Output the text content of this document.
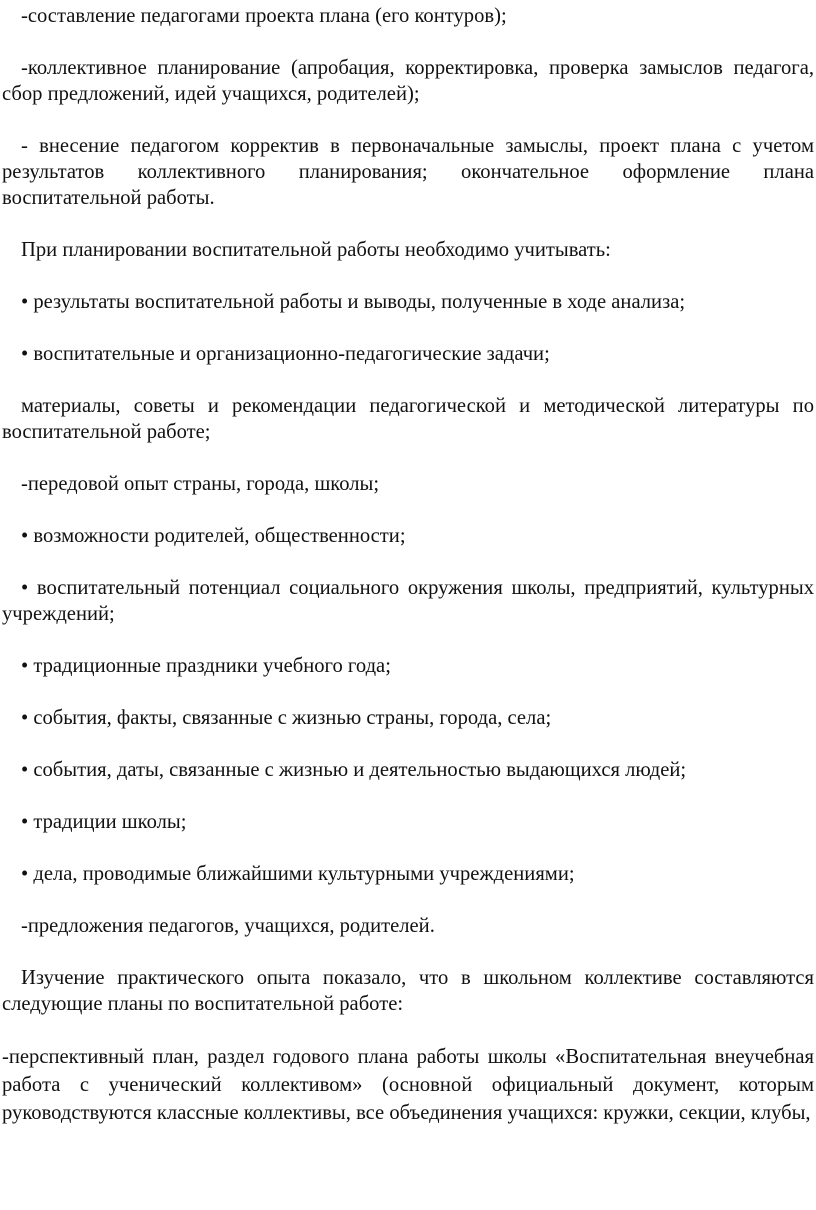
-составление педагогами проекта плана (его контуров);

-коллективное планирование (апробация, корректировка, проверка замыслов педагога, сбор предложений, идей учащихся, родителей);

- внесение педагогом корректив в первоначальные замыслы, проект плана с учетом результатов коллективного планирования; окончательное оформление плана воспитательной работы.

При планировании воспитательной работы необходимо учитывать:

• результаты воспитательной работы и выводы, полученные в ходе анализа;

• воспитательные и организационно-педагогические задачи;

материалы, советы и рекомендации педагогической и методической литературы по воспитательной работе;

-передовой опыт страны, города, школы;

• возможности родителей, общественности;

• воспитательный потенциал социального окружения школы, предприятий, культурных учреждений;

• традиционные праздники учебного года;

• события, факты, связанные с жизнью страны, города, села;

• события, даты, связанные с жизнью и деятельностью выдающихся людей;

• традиции школы;

• дела, проводимые ближайшими культурными учреждениями;

-предложения педагогов, учащихся, родителей.

Изучение практического опыта показало, что в школьном коллективе составляются следующие планы по воспитательной работе:

-перспективный план, раздел годового плана работы школы «Воспитательная внеучебная работа с ученический коллективом» (основной официальный документ, которым руководствуются классные коллективы, все объединения учащихся: кружки, секции, клубы,
